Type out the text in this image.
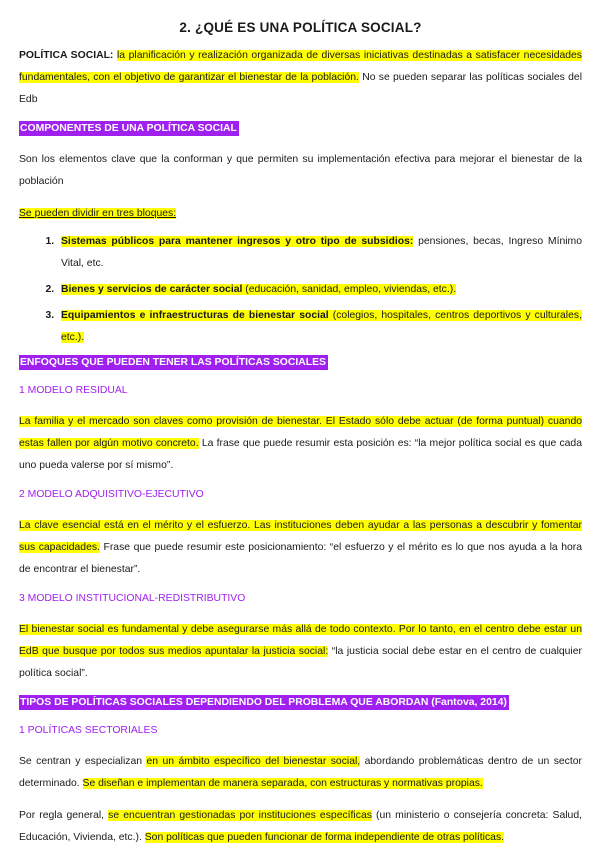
2. ¿QUÉ ES UNA POLÍTICA SOCIAL?

POLÍTICA SOCIAL: la planificación y realización organizada de diversas iniciativas destinadas a satisfacer necesidades fundamentales, con el objetivo de garantizar el bienestar de la población. No se pueden separar las políticas sociales del Edb

COMPONENTES DE UNA POLÍTICA SOCIAL

Son los elementos clave que la conforman y que permiten su implementación efectiva para mejorar el bienestar de la población

Se pueden dividir en tres bloques:

1. Sistemas públicos para mantener ingresos y otro tipo de subsidios: pensiones, becas, Ingreso Mínimo Vital, etc.
2. Bienes y servicios de carácter social (educación, sanidad, empleo, viviendas, etc.).
3. Equipamientos e infraestructuras de bienestar social (colegios, hospitales, centros deportivos y culturales, etc.).
ENFOQUES QUE PUEDEN TENER LAS POLÍTICAS SOCIALES
1 MODELO RESIDUAL

La familia y el mercado son claves como provisión de bienestar. El Estado sólo debe actuar (de forma puntual) cuando estas fallen por algún motivo concreto. La frase que puede resumir esta posición es: “la mejor política social es que cada uno pueda valerse por sí mismo”.

2 MODELO ADQUISITIVO-EJECUTIVO

La clave esencial está en el mérito y el esfuerzo. Las instituciones deben ayudar a las personas a descubrir y fomentar sus capacidades. Frase que puede resumir este posicionamiento: “el esfuerzo y el mérito es lo que nos ayuda a la hora de encontrar el bienestar”.

3 MODELO INSTITUCIONAL-REDISTRIBUTIVO

El bienestar social es fundamental y debe asegurarse más allá de todo contexto. Por lo tanto, en el centro debe estar un EdB que busque por todos sus medios apuntalar la justicia social: “la justicia social debe estar en el centro de cualquier política social”.

TIPOS DE POLÍTICAS SOCIALES DEPENDIENDO DEL PROBLEMA QUE ABORDAN (Fantova, 2014)
1 POLÍTICAS SECTORIALES

Se centran y especializan en un ámbito específico del bienestar social, abordando problemáticas dentro de un sector determinado. Se diseñan e implementan de manera separada, con estructuras y normativas propias.

Por regla general, se encuentran gestionadas por instituciones específicas (un ministerio o consejería concreta: Salud, Educación, Vivienda, etc.). Son políticas que pueden funcionar de forma independiente de otras políticas.
